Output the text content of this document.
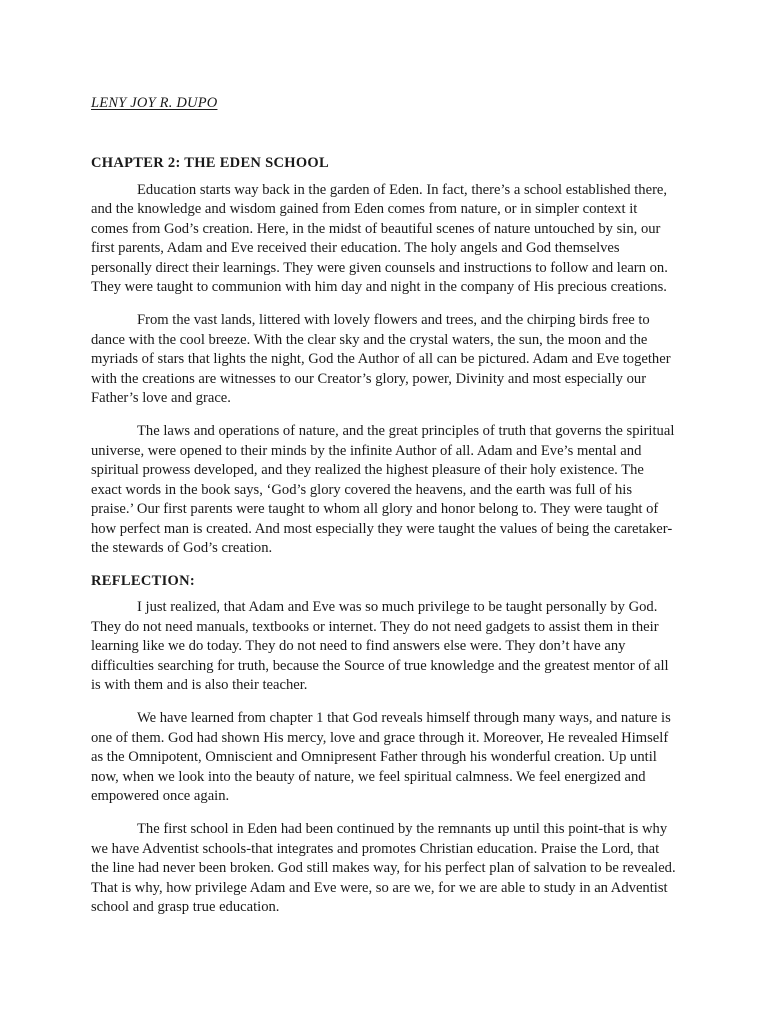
LENY JOY R. DUPO
CHAPTER 2: THE EDEN SCHOOL

Education starts way back in the garden of Eden. In fact, there’s a school established there, and the knowledge and wisdom gained from Eden comes from nature, or in simpler context it comes from God’s creation. Here, in the midst of beautiful scenes of nature untouched by sin, our first parents, Adam and Eve received their education. The holy angels and God themselves personally direct their learnings. They were given counsels and instructions to follow and learn on. They were taught to communion with him day and night in the company of His precious creations.

From the vast lands, littered with lovely flowers and trees, and the chirping birds free to dance with the cool breeze. With the clear sky and the crystal waters, the sun, the moon and the myriads of stars that lights the night, God the Author of all can be pictured. Adam and Eve together with the creations are witnesses to our Creator’s glory, power, Divinity and most especially our Father’s love and grace.

The laws and operations of nature, and the great principles of truth that governs the spiritual universe, were opened to their minds by the infinite Author of all. Adam and Eve’s mental and spiritual prowess developed, and they realized the highest pleasure of their holy existence. The exact words in the book says, ‘God’s glory covered the heavens, and the earth was full of his praise.’ Our first parents were taught to whom all glory and honor belong to. They were taught of how perfect man is created. And most especially they were taught the values of being the caretaker-the stewards of God’s creation.

REFLECTION:

I just realized, that Adam and Eve was so much privilege to be taught personally by God. They do not need manuals, textbooks or internet. They do not need gadgets to assist them in their learning like we do today. They do not need to find answers else were. They don’t have any difficulties searching for truth, because the Source of true knowledge and the greatest mentor of all is with them and is also their teacher.

We have learned from chapter 1 that God reveals himself through many ways, and nature is one of them. God had shown His mercy, love and grace through it. Moreover, He revealed Himself as the Omnipotent, Omniscient and Omnipresent Father through his wonderful creation. Up until now, when we look into the beauty of nature, we feel spiritual calmness. We feel energized and empowered once again.

The first school in Eden had been continued by the remnants up until this point-that is why we have Adventist schools-that integrates and promotes Christian education. Praise the Lord, that the line had never been broken. God still makes way, for his perfect plan of salvation to be revealed. That is why, how privilege Adam and Eve were, so are we, for we are able to study in an Adventist school and grasp true education.
